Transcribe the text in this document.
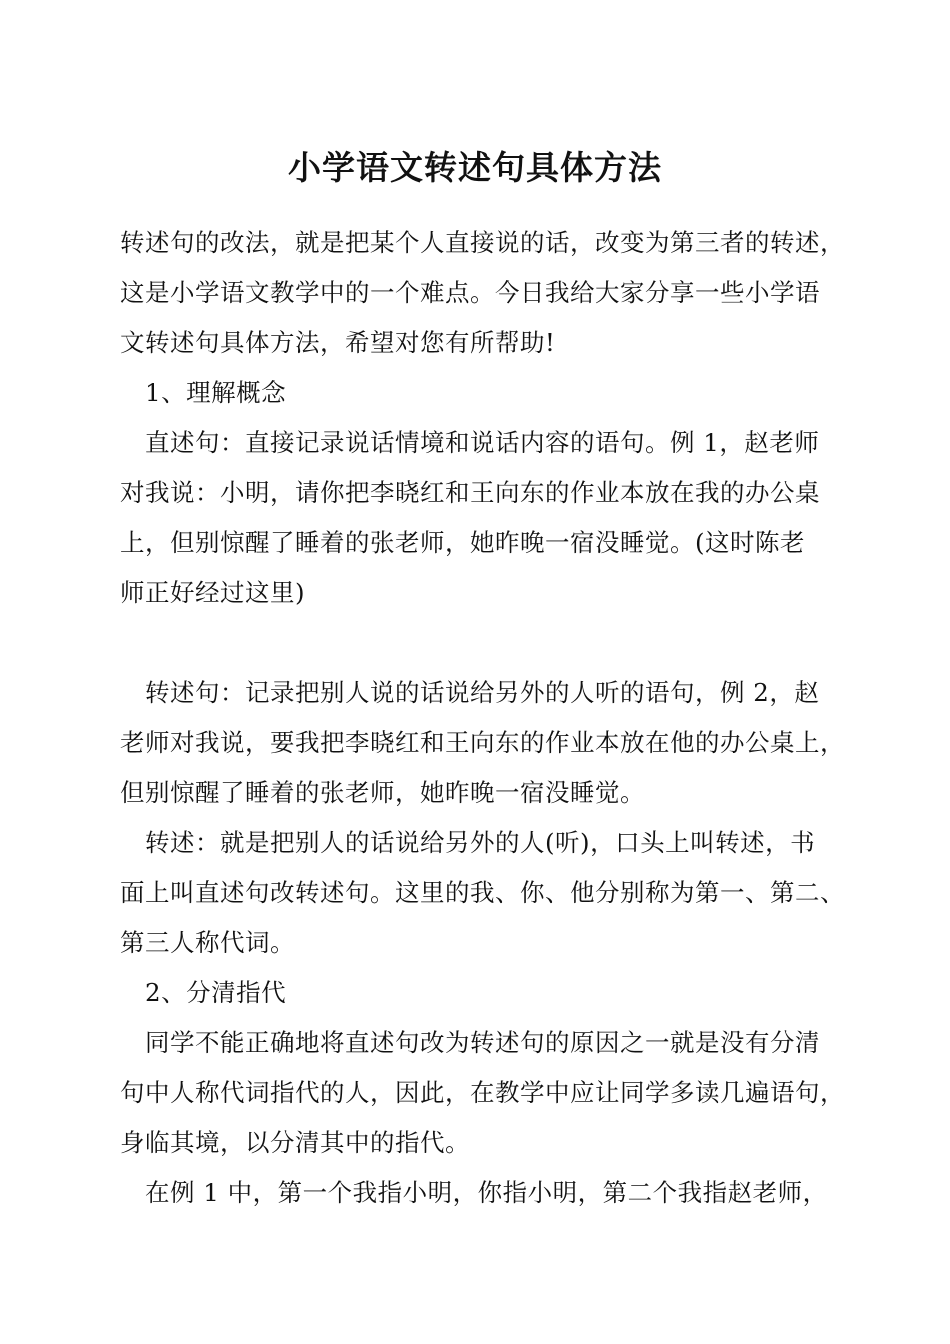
小学语文转述句具体方法
转述句的改法，就是把某个人直接说的话，改变为第三者的转述，
这是小学语文教学中的一个难点。今日我给大家分享一些小学语
文转述句具体方法，希望对您有所帮助!
1、理解概念
直述句：直接记录说话情境和说话内容的语句。例 1，赵老师
对我说：小明，请你把李晓红和王向东的作业本放在我的办公桌
上，但别惊醒了睡着的张老师，她昨晚一宿没睡觉。(这时陈老
师正好经过这里)
转述句：记录把别人说的话说给另外的人听的语句，例 2，赵
老师对我说，要我把李晓红和王向东的作业本放在他的办公桌上，
但别惊醒了睡着的张老师，她昨晚一宿没睡觉。
转述：就是把别人的话说给另外的人(听)，口头上叫转述，书
面上叫直述句改转述句。这里的我、你、他分别称为第一、第二、
第三人称代词。
2、分清指代
同学不能正确地将直述句改为转述句的原因之一就是没有分清
句中人称代词指代的人，因此，在教学中应让同学多读几遍语句，
身临其境，以分清其中的指代。
在例 1 中，第一个我指小明，你指小明，第二个我指赵老师，
